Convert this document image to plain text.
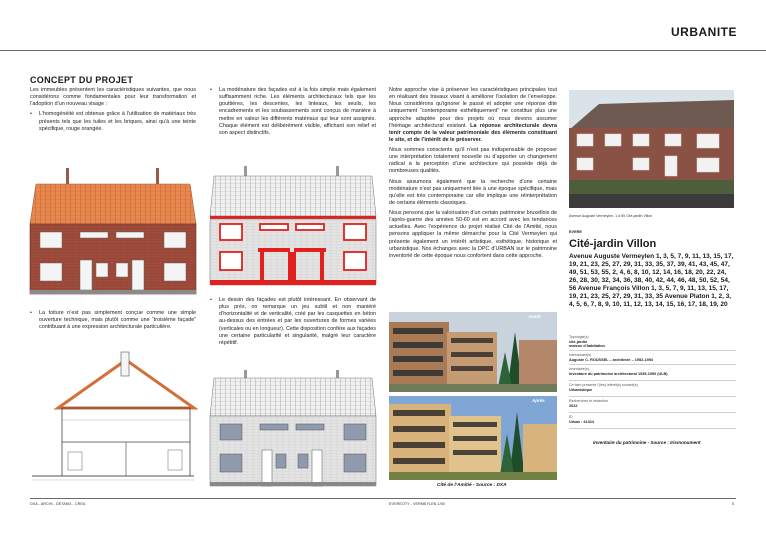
URBANITE
CONCEPT DU PROJET

Les immeubles présentent les caractéristiques suivantes, que nous considérons comme fondamentales pour leur transformation et l’adoption d’un nouveau visage :

• L’homogénéité est obtenue grâce à l’utilisation de matériaux très présents tels que les tuiles et les briques, ainsi qu’à une teinte spécifique, rouge orangée.
• La toiture n’est pas simplement conçue comme une simple ouverture technique, mais plutôt comme une “troisième façade” contribuant à une expression architecturale particulière.
• La modénature des façades est à la fois simple mais également suffisamment riche. Les éléments architecturaux tels que les gouttières, les descentes, les linteaux, les seuils, les encadrements et les soubassements sont conçus de manière à mettre en valeur les différents matériaux qui leur sont assignés. Chaque élément est délibérément visible, affichant son relief et son aspect distinctifs.
• Le dessin des façades est plutôt intéressant. En observant de plus près, on remarque un jeu subtil et non maniéré d’horizontalité et de verticalité, créé par les casquettes en béton au-dessus des entrées et par les ouvertures de formes variées (verticales ou en longueur). Cette disposition confère aux façades une certaine particularité et singularité, malgré leur caractère répétitif.

Notre approche vise à préserver les caractéristiques principales tout en réalisant des travaux visant à améliorer l’isolation de l’enveloppe. Nous considérons qu’ignorer le passé et adopter une réponse dite uniquement “contemporaine esthétiquement” ne constitue plus une approche adaptée pour des projets où nous devons assumer l’héritage architectural existant. La réponse architecturale devra tenir compte de la valeur patrimoniale des éléments constituant le site, et de l’intérêt de le préserver.

Nous sommes conscients qu’il n’est pas indispensable de proposer une interprétation totalement nouvelle ou d’apporter un changement radical à la perception d’une architecture qui possède déjà de nombreuses qualités.

Nous assumons également que la recherche d’une certaine modénature n’est pas uniquement liée à une époque spécifique, mais qu’elle est très contemporaine car elle implique une réinterprétation de certains éléments classiques.

Nous pensons que la valorisation d’un certain patrimoine bruxellois de l’après-guerre des années 50-60 est en accord avec les tendances actuelles. Avec l’expérience du projet réalisé Cité de l’Amitié, nous pensons appliquer la même démarche pour la Cité Vermeylen qui présente également un intérêt artistique, esthétique, historique et urbanistique. Nos échanges avec la DPC d’URBAN sur le patrimoine inventorié de cette époque nous confortent dans cette approche.

Avant
Après
Cité de l’Amitié - Source : DXA
Avenue Auguste Vermeylen, 1 à 55 Cité-jardin Villon
EVERE
Cité-jardin Villon
Avenue Auguste Vermeylen 1, 3, 5, 7, 9, 11, 13, 15, 17, 19, 21, 23, 25, 27, 29, 31, 33, 35, 37, 39, 41, 43, 45, 47, 49, 51, 53, 55, 2, 4, 6, 8, 10, 12, 14, 16, 18, 20, 22, 24, 26, 28, 30, 32, 34, 36, 38, 40, 42, 44, 46, 48, 50, 52, 54, 56 Avenue François Villon 1, 3, 5, 7, 9, 11, 13, 15, 17, 19, 21, 23, 25, 27, 29, 31, 33, 35 Avenue Platon 1, 2, 3, 4, 5, 6, 7, 8, 9, 10, 11, 12, 13, 14, 15, 16, 17, 18, 19, 20
Typologie(s)
cité-jardin
maison d’habitation
Intervenant(s)
Auguste C. ROUSSEL – architecte – 1952-1954
Inventaire(s)
Inventaire du patrimoine architectural 1935-1990 (ULB)
Ce bien présente l’(les) intérêt(s) suivant(s)
Urbanistique
Recherches et rédaction
2022
ID
Urban : 41324
Inventaire du patrimoine - Source : Irismonument
DXA - ARCHI - DETANG - CREA	EVEREOTY - VERMEYLEN 1/50	5
